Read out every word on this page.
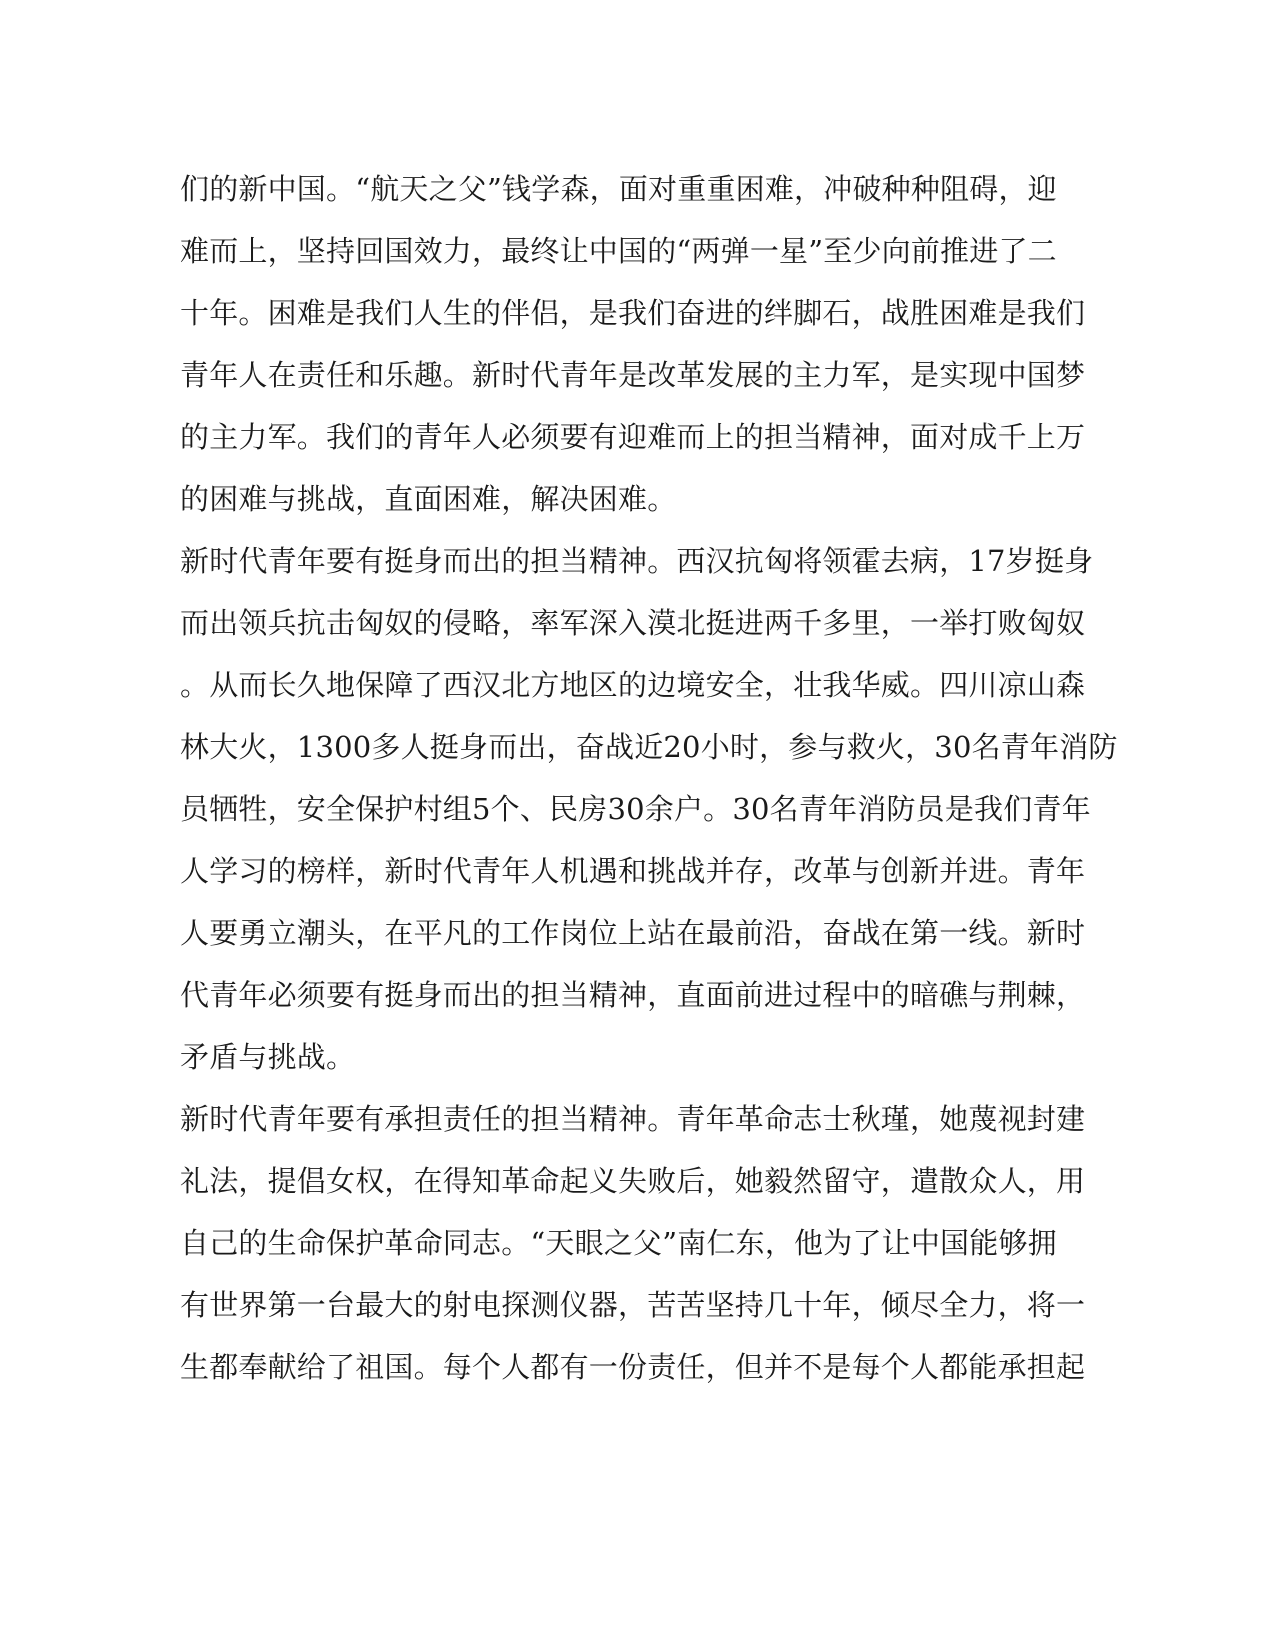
们的新中国。“航天之父”钱学森，面对重重困难，冲破种种阻碍，迎
难而上，坚持回国效力，最终让中国的“两弹一星”至少向前推进了二
十年。困难是我们人生的伴侣，是我们奋进的绊脚石，战胜困难是我们
青年人在责任和乐趣。新时代青年是改革发展的主力军，是实现中国梦
的主力军。我们的青年人必须要有迎难而上的担当精神，面对成千上万
的困难与挑战，直面困难，解决困难。
新时代青年要有挺身而出的担当精神。西汉抗匈将领霍去病，17岁挺身
而出领兵抗击匈奴的侵略，率军深入漠北挺进两千多里，一举打败匈奴
。从而长久地保障了西汉北方地区的边境安全，壮我华威。四川凉山森
林大火，1300多人挺身而出，奋战近20小时，参与救火，30名青年消防
员牺牲，安全保护村组5个、民房30余户。30名青年消防员是我们青年
人学习的榜样，新时代青年人机遇和挑战并存，改革与创新并进。青年
人要勇立潮头，在平凡的工作岗位上站在最前沿，奋战在第一线。新时
代青年必须要有挺身而出的担当精神，直面前进过程中的暗礁与荆棘，
矛盾与挑战。
新时代青年要有承担责任的担当精神。青年革命志士秋瑾，她蔑视封建
礼法，提倡女权，在得知革命起义失败后，她毅然留守，遣散众人，用
自己的生命保护革命同志。“天眼之父”南仁东，他为了让中国能够拥
有世界第一台最大的射电探测仪器，苦苦坚持几十年，倾尽全力，将一
生都奉献给了祖国。每个人都有一份责任，但并不是每个人都能承担起
